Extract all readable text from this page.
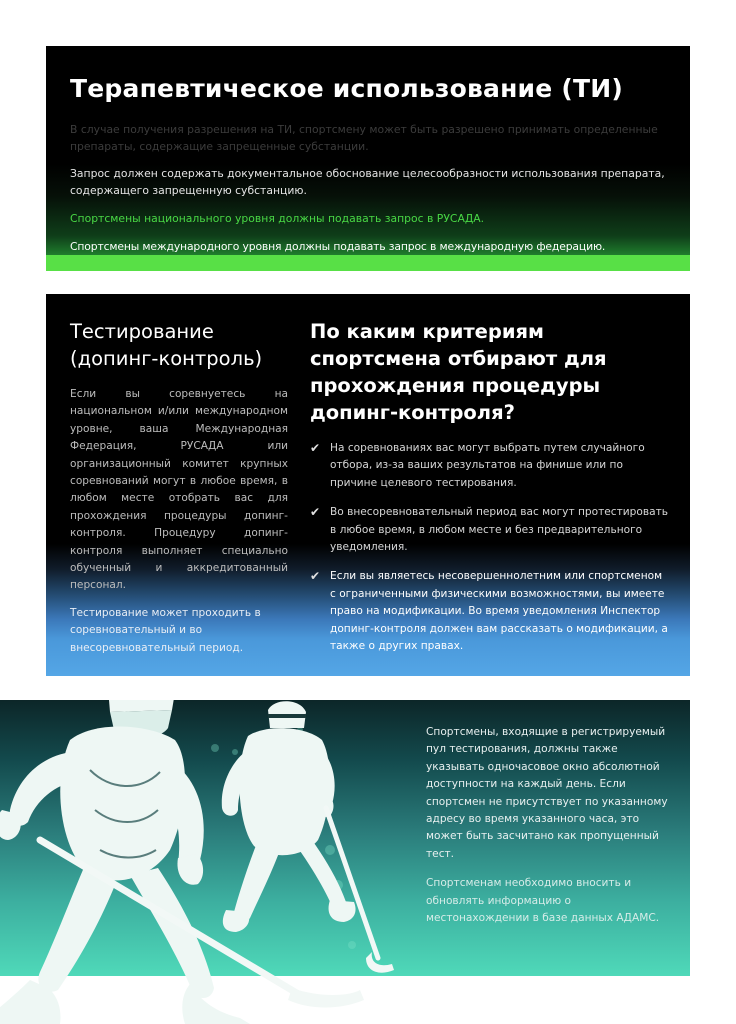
Терапевтическое использование (ТИ)

В случае получения разрешения на ТИ, спортсмену может быть разрешено принимать определенные препараты, содержащие запрещенные субстанции.

Запрос должен содержать документальное обоснование целесообразности использования препарата, содержащего запрещенную субстанцию.

Спортсмены национального уровня должны подавать запрос в РУСАДА.

Спортсмены международного уровня должны подавать запрос в международную федерацию.

Тестирование (допинг-контроль)

Если вы соревнуетесь на национальном и/или международном уровне, ваша Международная Федерация, РУСАДА или организационный комитет крупных соревнований могут в любое время, в любом месте отобрать вас для прохождения процедуры допинг-контроля. Процедуру допинг-контроля выполняет специально обученный и аккредитованный персонал.

Тестирование может проходить в соревновательный и во внесоревновательный период.

По каким критериям спортсмена отбирают для прохождения процедуры допинг-контроля?
✔ На соревнованиях вас могут выбрать путем случайного отбора, из-за ваших результатов на финише или по причине целевого тестирования.
✔ Во внесоревновательный период вас могут протестировать в любое время, в любом месте и без предварительного уведомления.
✔ Если вы являетесь несовершеннолетним или спортсменом с ограниченными физическими возможностями, вы имеете право на модификации. Во время уведомления Инспектор допинг-контроля должен вам рассказать о модификации, а также о других правах.

Спортсмены, входящие в регистрируемый пул тестирования, должны также указывать одночасовое окно абсолютной доступности на каждый день. Если спортсмен не присутствует по указанному адресу во время указанного часа, это может быть засчитано как пропущенный тест.

Спортсменам необходимо вносить и обновлять информацию о местонахождении в базе данных АДАМС.
